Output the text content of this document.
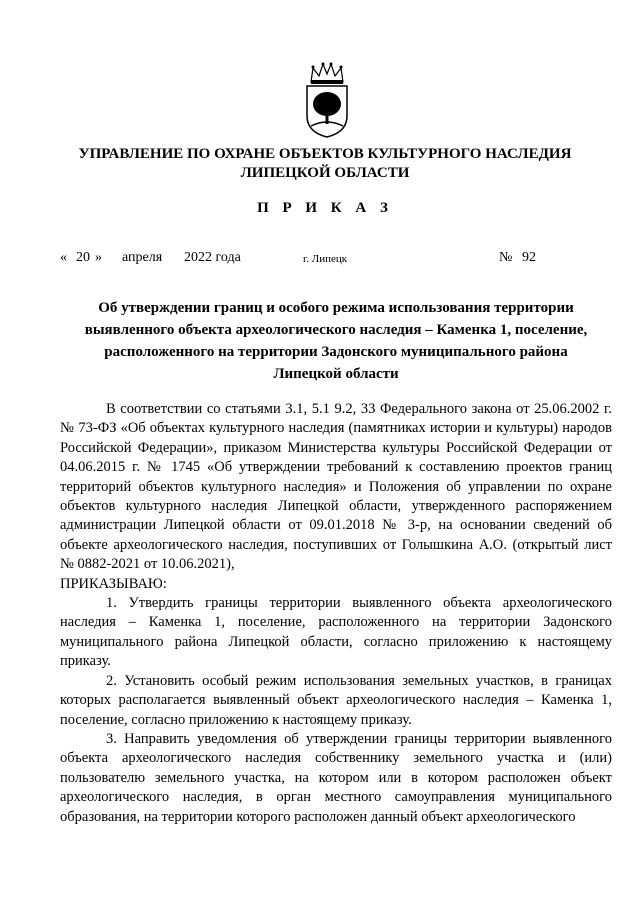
УПРАВЛЕНИЕ ПО ОХРАНЕ ОБЪЕКТОВ КУЛЬТУРНОГО НАСЛЕДИЯ
ЛИПЕЦКОЙ ОБЛАСТИ
П Р И К А З
« 20 » апреля 2022 года	г. Липецк	№ 92
Об утверждении границ и особого режима использования территории
выявленного объекта археологического наследия – Каменка 1, поселение,
расположенного на территории Задонского муниципального района
Липецкой области

В соответствии со статьями 3.1, 5.1 9.2, 33 Федерального закона от 25.06.2002 г. № 73-ФЗ «Об объектах культурного наследия (памятниках истории и культуры) народов Российской Федерации», приказом Министерства культуры Российской Федерации от 04.06.2015 г. № 1745 «Об утверждении требований к составлению проектов границ территорий объектов культурного наследия» и Положения об управлении по охране объектов культурного наследия Липецкой области, утвержденного распоряжением администрации Липецкой области от 09.01.2018 № 3-р, на основании сведений об объекте археологического наследия, поступивших от Голышкина А.О. (открытый лист № 0882-2021 от 10.06.2021),

ПРИКАЗЫВАЮ:

1. Утвердить границы территории выявленного объекта археологического наследия – Каменка 1, поселение, расположенного на территории Задонского муниципального района Липецкой области, согласно приложению к настоящему приказу.

2. Установить особый режим использования земельных участков, в границах которых располагается выявленный объект археологического наследия – Каменка 1, поселение, согласно приложению к настоящему приказу.

3. Направить уведомления об утверждении границы территории выявленного объекта археологического наследия собственнику земельного участка и (или) пользователю земельного участка, на котором или в котором расположен объект археологического наследия, в орган местного самоуправления муниципального образования, на территории которого расположен данный объект археологического
